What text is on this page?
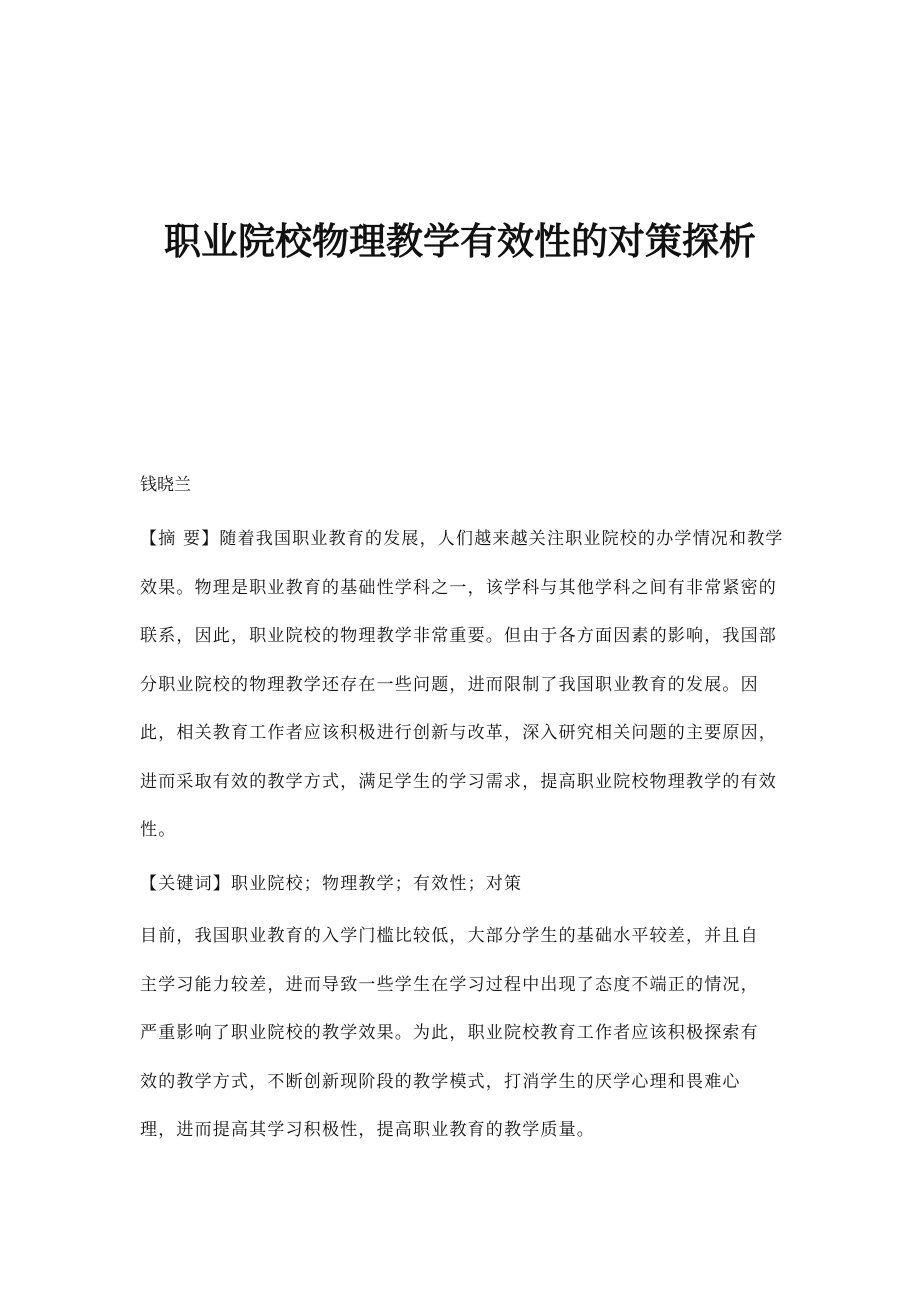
职业院校物理教学有效性的对策探析

钱晓兰

【摘 要】随着我国职业教育的发展，人们越来越关注职业院校的办学情况和教学效果。物理是职业教育的基础性学科之一，该学科与其他学科之间有非常紧密的联系，因此，职业院校的物理教学非常重要。但由于各方面因素的影响，我国部分职业院校的物理教学还存在一些问题，进而限制了我国职业教育的发展。因此，相关教育工作者应该积极进行创新与改革，深入研究相关问题的主要原因，进而采取有效的教学方式，满足学生的学习需求，提高职业院校物理教学的有效性。

【关键词】职业院校；物理教学；有效性；对策

目前，我国职业教育的入学门槛比较低，大部分学生的基础水平较差，并且自主学习能力较差，进而导致一些学生在学习过程中出现了态度不端正的情况，严重影响了职业院校的教学效果。为此，职业院校教育工作者应该积极探索有效的教学方式，不断创新现阶段的教学模式，打消学生的厌学心理和畏难心理，进而提高其学习积极性，提高职业教育的教学质量。
